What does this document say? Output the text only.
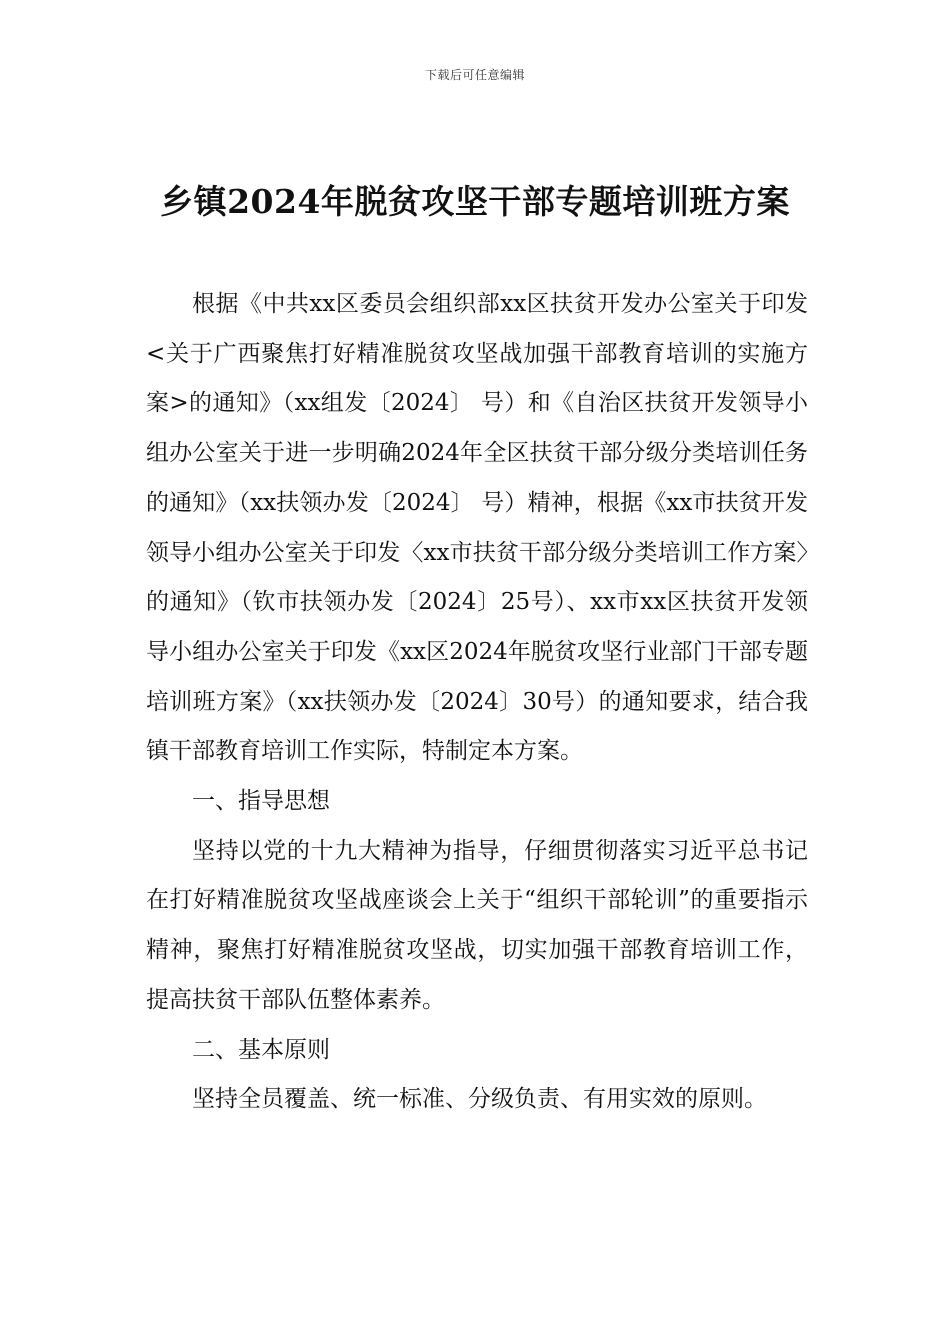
下载后可任意编辑
乡镇2024年脱贫攻坚干部专题培训班方案

根据《中共xx区委员会组织部xx区扶贫开发办公室关于印发<关于广西聚焦打好精准脱贫攻坚战加强干部教育培训的实施方案>的通知》（xx组发〔2024〕 号）和《自治区扶贫开发领导小组办公室关于进一步明确2024年全区扶贫干部分级分类培训任务的通知》（xx扶领办发〔2024〕 号）精神，根据《xx市扶贫开发领导小组办公室关于印发〈xx市扶贫干部分级分类培训工作方案〉的通知》（钦市扶领办发〔2024〕25号）、xx市xx区扶贫开发领导小组办公室关于印发《xx区2024年脱贫攻坚行业部门干部专题培训班方案》（xx扶领办发〔2024〕30号）的通知要求，结合我镇干部教育培训工作实际，特制定本方案。

一、指导思想

坚持以党的十九大精神为指导，仔细贯彻落实习近平总书记在打好精准脱贫攻坚战座谈会上关于“组织干部轮训”的重要指示精神，聚焦打好精准脱贫攻坚战，切实加强干部教育培训工作，提高扶贫干部队伍整体素养。

二、基本原则

坚持全员覆盖、统一标准、分级负责、有用实效的原则。
